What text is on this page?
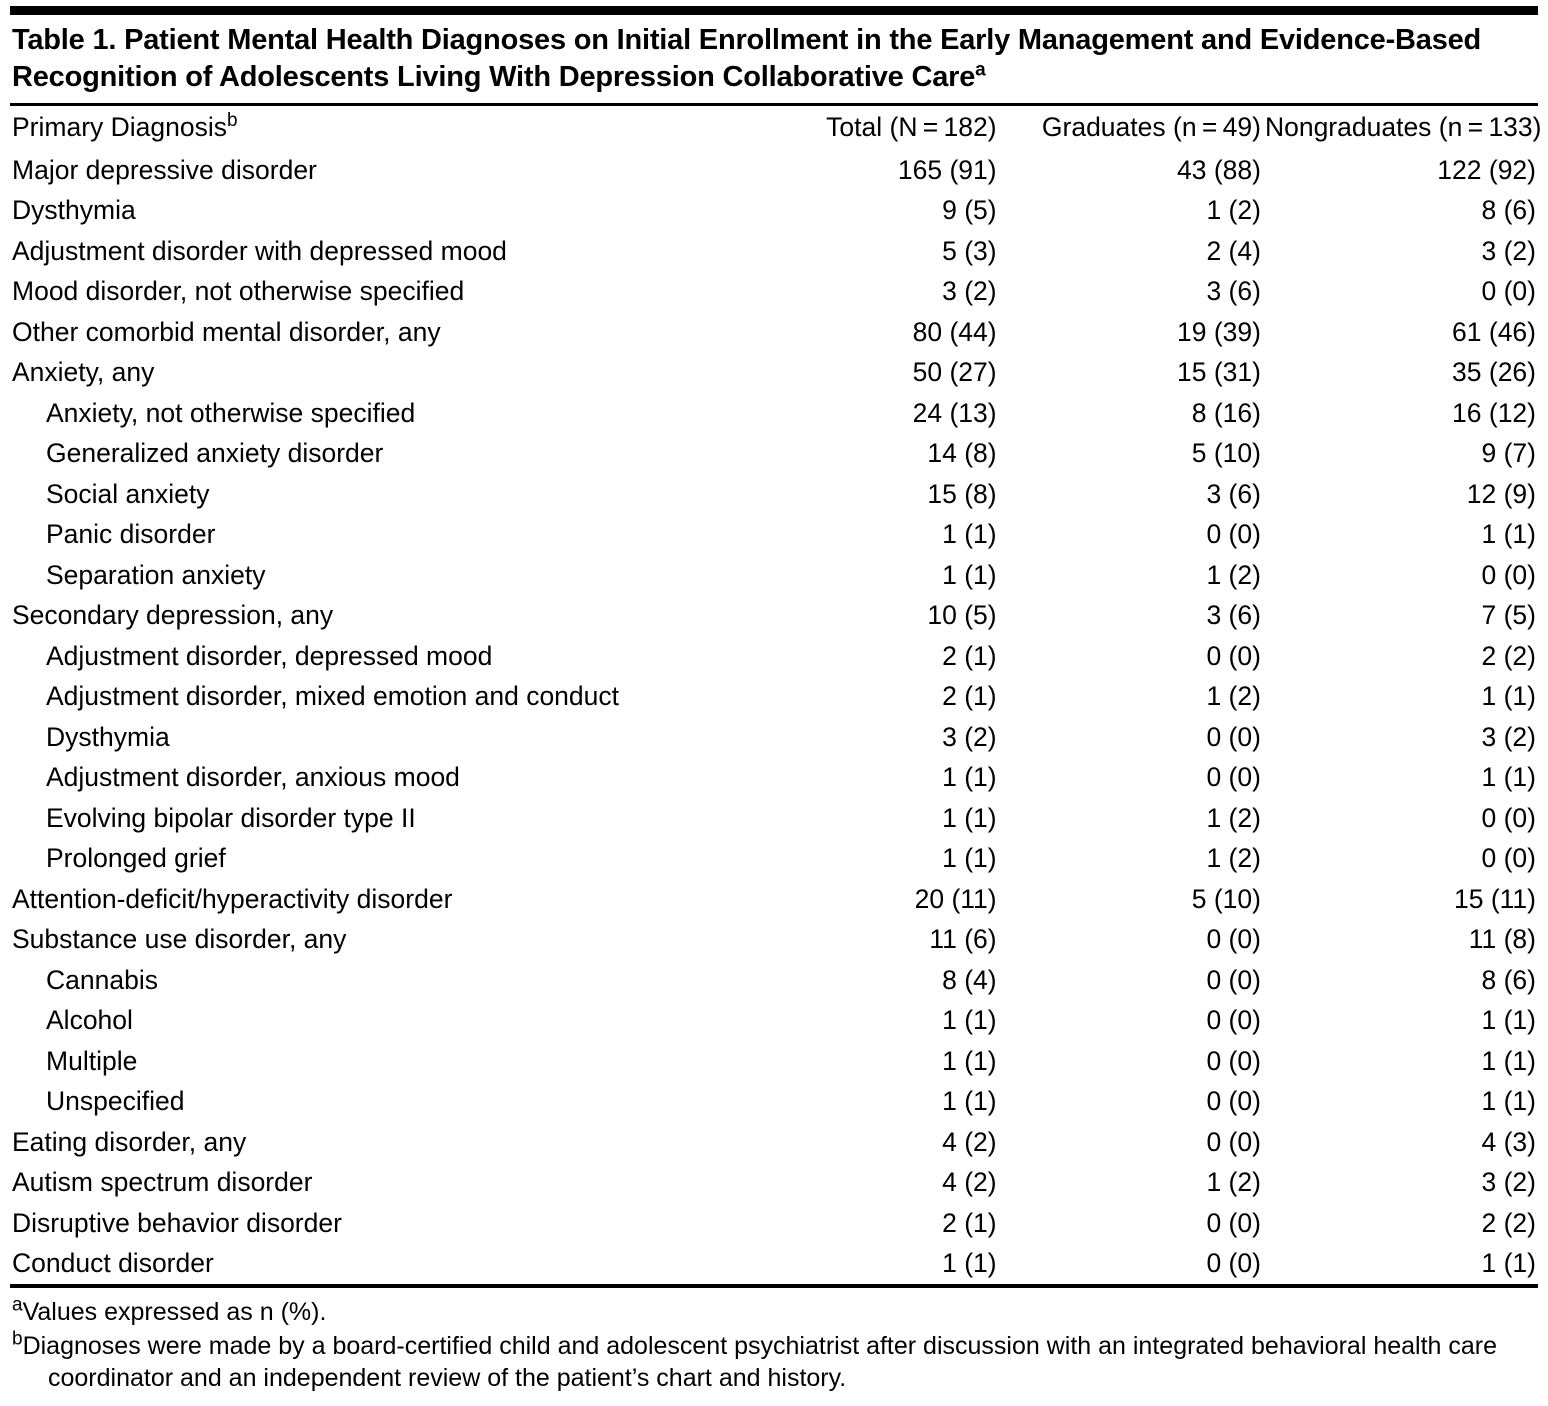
Table 1. Patient Mental Health Diagnoses on Initial Enrollment in the Early Management and Evidence-Based Recognition of Adolescents Living With Depression Collaborative Care$^a$
Primary Diagnosis$^b$	Total (N = 182)	Graduates (n = 49)	Nongraduates (n = 133)
Major depressive disorder	165 (91)	43 (88)	122 (92)
Dysthymia	9 (5)	1 (2)	8 (6)
Adjustment disorder with depressed mood	5 (3)	2 (4)	3 (2)
Mood disorder, not otherwise specified	3 (2)	3 (6)	0 (0)
Other comorbid mental disorder, any	80 (44)	19 (39)	61 (46)
Anxiety, any	50 (27)	15 (31)	35 (26)
Anxiety, not otherwise specified	24 (13)	8 (16)	16 (12)
Generalized anxiety disorder	14 (8)	5 (10)	9 (7)
Social anxiety	15 (8)	3 (6)	12 (9)
Panic disorder	1 (1)	0 (0)	1 (1)
Separation anxiety	1 (1)	1 (2)	0 (0)
Secondary depression, any	10 (5)	3 (6)	7 (5)
Adjustment disorder, depressed mood	2 (1)	0 (0)	2 (2)
Adjustment disorder, mixed emotion and conduct	2 (1)	1 (2)	1 (1)
Dysthymia	3 (2)	0 (0)	3 (2)
Adjustment disorder, anxious mood	1 (1)	0 (0)	1 (1)
Evolving bipolar disorder type II	1 (1)	1 (2)	0 (0)
Prolonged grief	1 (1)	1 (2)	0 (0)
Attention-deficit/hyperactivity disorder	20 (11)	5 (10)	15 (11)
Substance use disorder, any	11 (6)	0 (0)	11 (8)
Cannabis	8 (4)	0 (0)	8 (6)
Alcohol	1 (1)	0 (0)	1 (1)
Multiple	1 (1)	0 (0)	1 (1)
Unspecified	1 (1)	0 (0)	1 (1)
Eating disorder, any	4 (2)	0 (0)	4 (3)
Autism spectrum disorder	4 (2)	1 (2)	3 (2)
Disruptive behavior disorder	2 (1)	0 (0)	2 (2)
Conduct disorder	1 (1)	0 (0)	1 (1)

$^a$Values expressed as n (%).

$^b$Diagnoses were made by a board-certified child and adolescent psychiatrist after discussion with an integrated behavioral health care coordinator and an independent review of the patient’s chart and history.
